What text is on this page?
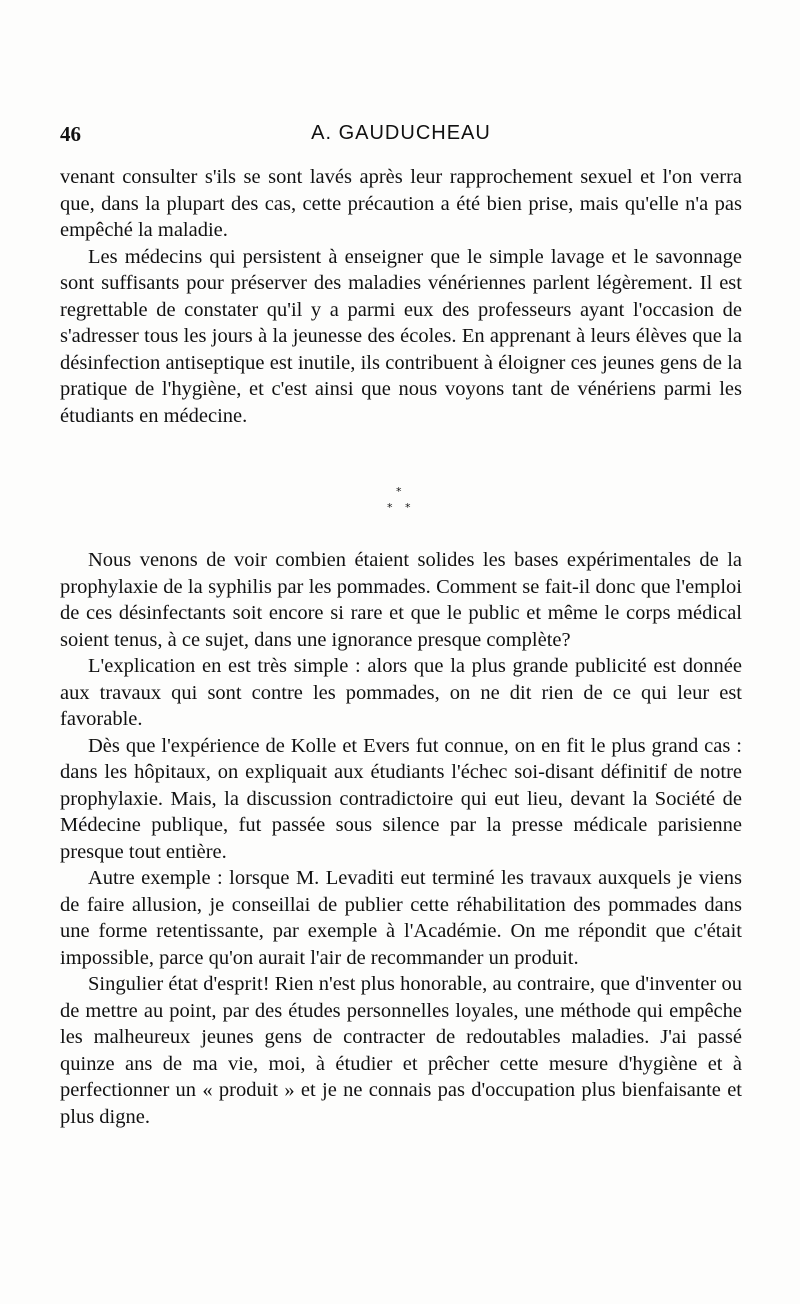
46	A. GAUDUCHEAU

venant consulter s'ils se sont lavés après leur rapprochement sexuel et l'on verra que, dans la plupart des cas, cette précaution a été bien prise, mais qu'elle n'a pas empêché la maladie.

Les médecins qui persistent à enseigner que le simple lavage et le savonnage sont suffisants pour préserver des maladies vénériennes parlent légèrement. Il est regrettable de constater qu'il y a parmi eux des professeurs ayant l'occasion de s'adresser tous les jours à la jeunesse des écoles. En apprenant à leurs élèves que la désinfection antiseptique est inutile, ils contribuent à éloigner ces jeunes gens de la pratique de l'hygiène, et c'est ainsi que nous voyons tant de vénériens parmi les étudiants en médecine.

*
* *

Nous venons de voir combien étaient solides les bases expérimentales de la prophylaxie de la syphilis par les pommades. Comment se fait-il donc que l'emploi de ces désinfectants soit encore si rare et que le public et même le corps médical soient tenus, à ce sujet, dans une ignorance presque complète?

L'explication en est très simple : alors que la plus grande publicité est donnée aux travaux qui sont contre les pommades, on ne dit rien de ce qui leur est favorable.

Dès que l'expérience de Kolle et Evers fut connue, on en fit le plus grand cas : dans les hôpitaux, on expliquait aux étudiants l'échec soi-disant définitif de notre prophylaxie. Mais, la discussion contradictoire qui eut lieu, devant la Société de Médecine publique, fut passée sous silence par la presse médicale parisienne presque tout entière.

Autre exemple : lorsque M. Levaditi eut terminé les travaux auxquels je viens de faire allusion, je conseillai de publier cette réhabilitation des pommades dans une forme retentissante, par exemple à l'Académie. On me répondit que c'était impossible, parce qu'on aurait l'air de recommander un produit.

Singulier état d'esprit! Rien n'est plus honorable, au contraire, que d'inventer ou de mettre au point, par des études personnelles loyales, une méthode qui empêche les malheureux jeunes gens de contracter de redoutables maladies. J'ai passé quinze ans de ma vie, moi, à étudier et prêcher cette mesure d'hygiène et à perfectionner un « produit » et je ne connais pas d'occupation plus bienfaisante et plus digne.
